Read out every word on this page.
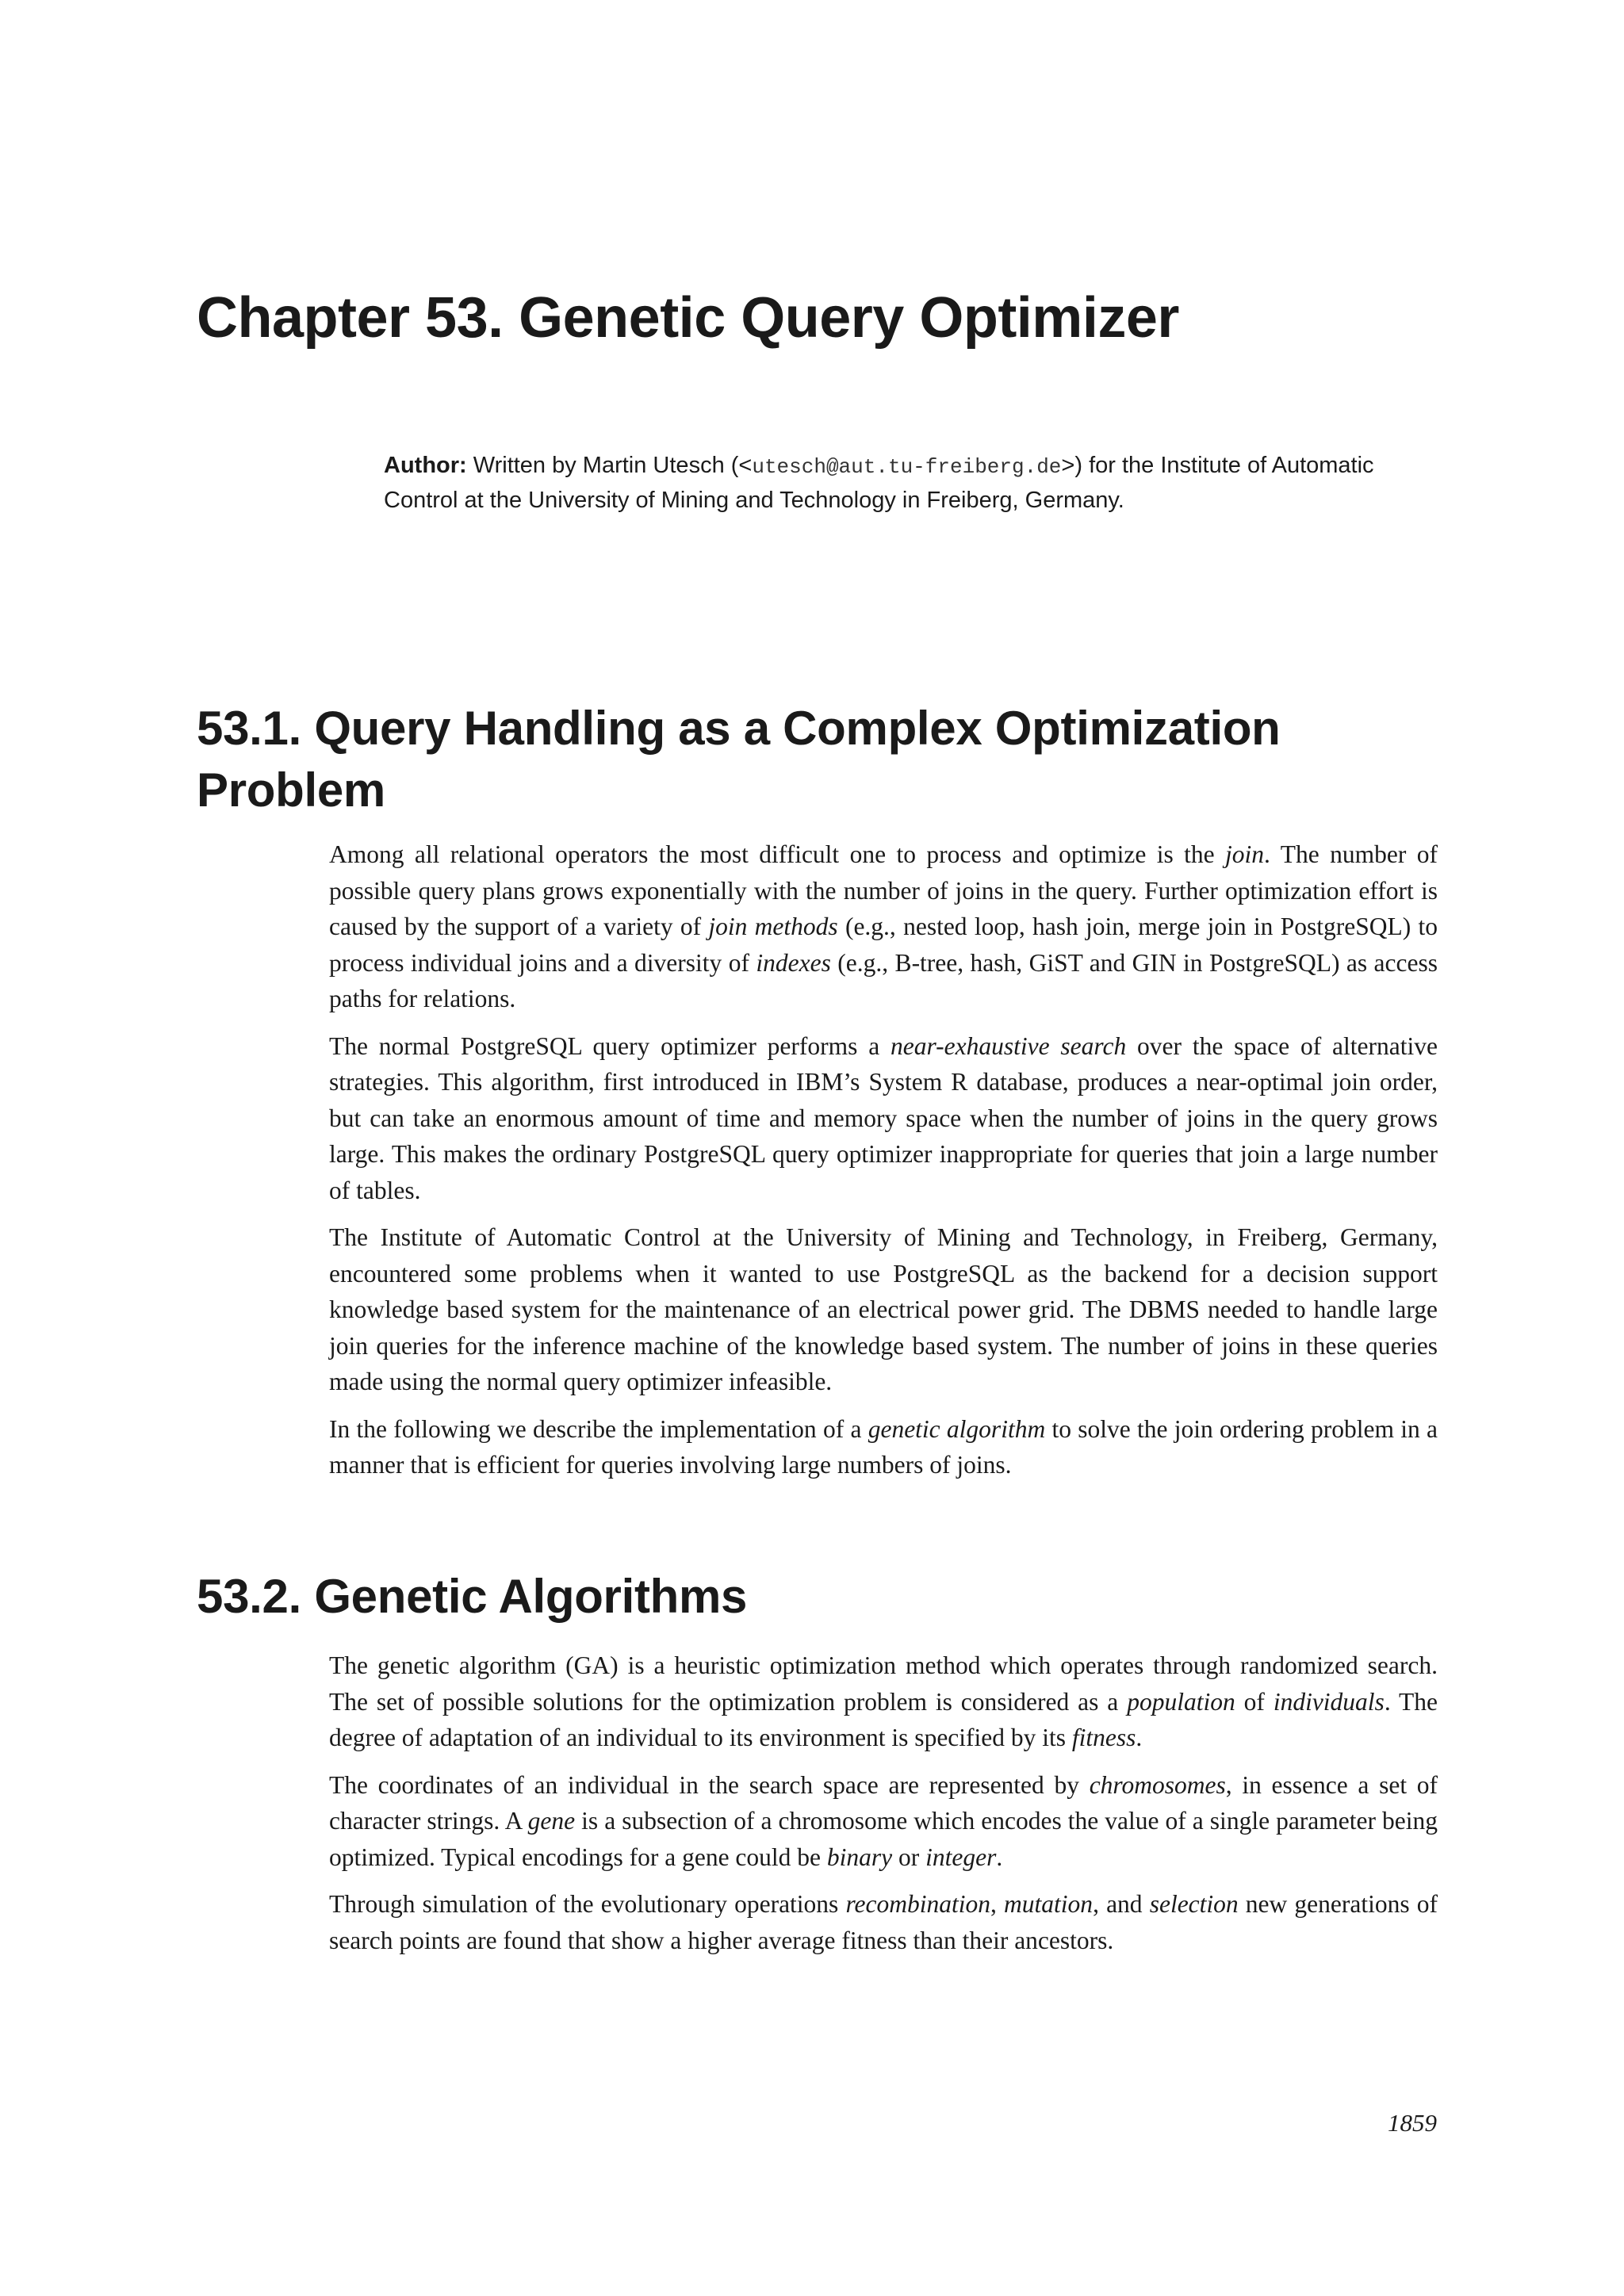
Chapter 53. Genetic Query Optimizer

Author: Written by Martin Utesch (<utesch@aut.tu-freiberg.de>) for the Institute of Automatic Control at the University of Mining and Technology in Freiberg, Germany.

53.1. Query Handling as a Complex Optimization Problem

Among all relational operators the most difficult one to process and optimize is the join. The number of possible query plans grows exponentially with the number of joins in the query. Further optimization effort is caused by the support of a variety of join methods (e.g., nested loop, hash join, merge join in PostgreSQL) to process individual joins and a diversity of indexes (e.g., B-tree, hash, GiST and GIN in PostgreSQL) as access paths for relations.

The normal PostgreSQL query optimizer performs a near-exhaustive search over the space of alternative strategies. This algorithm, first introduced in IBM’s System R database, produces a near-optimal join order, but can take an enormous amount of time and memory space when the number of joins in the query grows large. This makes the ordinary PostgreSQL query optimizer inappropriate for queries that join a large number of tables.

The Institute of Automatic Control at the University of Mining and Technology, in Freiberg, Germany, encountered some problems when it wanted to use PostgreSQL as the backend for a decision support knowledge based system for the maintenance of an electrical power grid. The DBMS needed to handle large join queries for the inference machine of the knowledge based system. The number of joins in these queries made using the normal query optimizer infeasible.

In the following we describe the implementation of a genetic algorithm to solve the join ordering problem in a manner that is efficient for queries involving large numbers of joins.

53.2. Genetic Algorithms

The genetic algorithm (GA) is a heuristic optimization method which operates through randomized search. The set of possible solutions for the optimization problem is considered as a population of individuals. The degree of adaptation of an individual to its environment is specified by its fitness.

The coordinates of an individual in the search space are represented by chromosomes, in essence a set of character strings. A gene is a subsection of a chromosome which encodes the value of a single parameter being optimized. Typical encodings for a gene could be binary or integer.

Through simulation of the evolutionary operations recombination, mutation, and selection new generations of search points are found that show a higher average fitness than their ancestors.

1859
